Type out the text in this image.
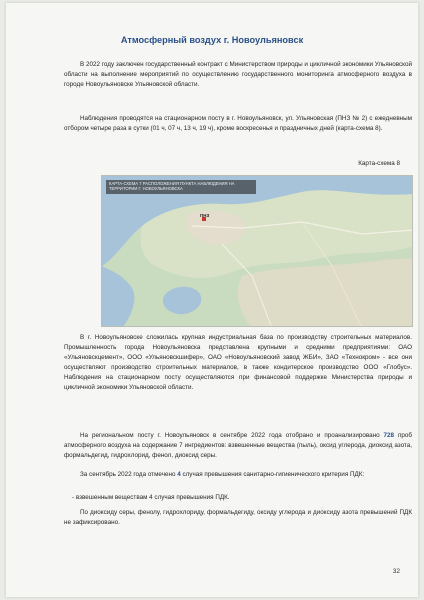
Атмосферный воздух г. Новоульяновск
В 2022 году заключен государственный контракт с Министерством природы и цикличной экономики Ульяновской области на выполнение мероприятий по осуществлению государственного мониторинга атмосферного воздуха в городе Новоульяновске Ульяновской области.
Наблюдения проводятся на стационарном посту в г. Новоульяновск, ул. Ульяновская (ПНЗ № 2) с ежедневным отбором четыре раза в сутки (01 ч, 07 ч, 13 ч, 19 ч), кроме воскресенья и праздничных дней (карта-схема 8).
Карта-схема 8
КАРТА-СХЕМА 7 РАСПОЛОЖЕНИЯ ПУНКТА НАБЛЮДЕНИЯ НА ТЕРРИТОРИИ Г. НОВОУЛЬЯНОВСКА
ПНЗ
В г. Новоульяновске сложилась крупная индустриальная база по производству строительных материалов. Промышленность города Новоульяновска представлена крупными и средними предприятиями: ОАО «Ульяновскцемент», ООО «Ульяновскшифер», ОАО «Новоульяновский завод ЖБИ», ЗАО «Технокром» - все они осуществляют производство строительных материалов, в также кондитерское производство ООО «Глобус». Наблюдения на стационарном посту осуществляются при финансовой поддержке Министерства природы и цикличной экономики Ульяновской области.
На региональном посту г. Новоульяновск в сентябре 2022 года отобрано и проанализировано 728 проб атмосферного воздуха на содержание 7 ингредиентов: взвешенные вещества (пыль), оксид углерода, диоксид азота, формальдегид, гидрохлорид, фенол, диоксид серы.
За сентябрь 2022 года отмечено 4 случая превышения санитарно-гигиенического критерия ПДК:
- взвешенным веществам 4 случая превышения ПДК.
По диоксиду серы, фенолу, гидрохлориду, формальдегиду, оксиду углерода и диоксиду азота превышений ПДК не зафиксировано.
32
